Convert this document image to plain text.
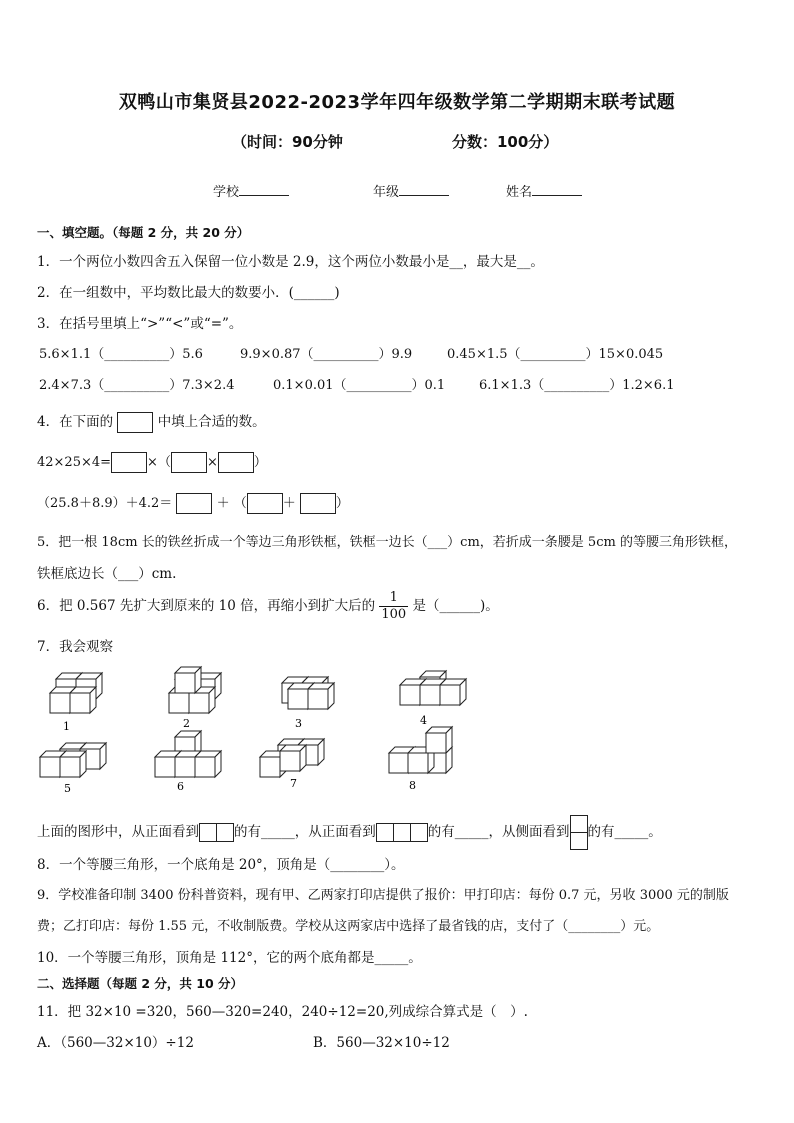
双鸭山市集贤县2022-2023学年四年级数学第二学期期末联考试题
（时间：90分钟	分数：100分）
学校	年级	姓名
一、填空题。（每题 2 分，共 20 分）
1．一个两位小数四舍五入保留一位小数是 2.9，这个两位小数最小是__，最大是__。
2．在一组数中，平均数比最大的数要小．(______)
3．在括号里填上“>”“<”或“=”。
5.6×1.1（__________）5.6	9.9×0.87（__________）9.9	0.45×1.5（__________）15×0.045
2.4×7.3（__________）7.3×2.4	0.1×0.01（__________）0.1	6.1×1.3（__________）1.2×6.1
4．在下面的	中填上合适的数。
42×25×4=	×（	×	）
（25.8＋8.9）＋4.2＝	＋ （	＋	）
5．把一根 18cm 长的铁丝折成一个等边三角形铁框，铁框一边长（___）cm，若折成一条腰是 5cm 的等腰三角形铁框，
铁框底边长（___）cm.
6．把 0.567 先扩大到原来的 10 倍，再缩小到扩大后的 $\frac{1}{100}$ 是（______)。
7．我会观察
1	2	3	4
5	6	7	8
上面的图形中，从正面看到	的有_____，从正面看到	的有_____，从侧面看到 的有_____。
8．一个等腰三角形，一个底角是 20°，顶角是（________）。
9．学校准备印制 3400 份科普资料，现有甲、乙两家打印店提供了报价：甲打印店：每份 0.7 元，另收 3000 元的制版
费；乙打印店：每份 1.55 元，不收制版费。学校从这两家店中选择了最省钱的店，支付了（________）元。
10．一个等腰三角形，顶角是 112°，它的两个底角都是_____。
二、选择题（每题 2 分，共 10 分）
11．把 32×10 =320，560—320=240，240÷12=20,列成综合算式是（　）.
A．（560—32×10）÷12	B．560—32×10÷12
